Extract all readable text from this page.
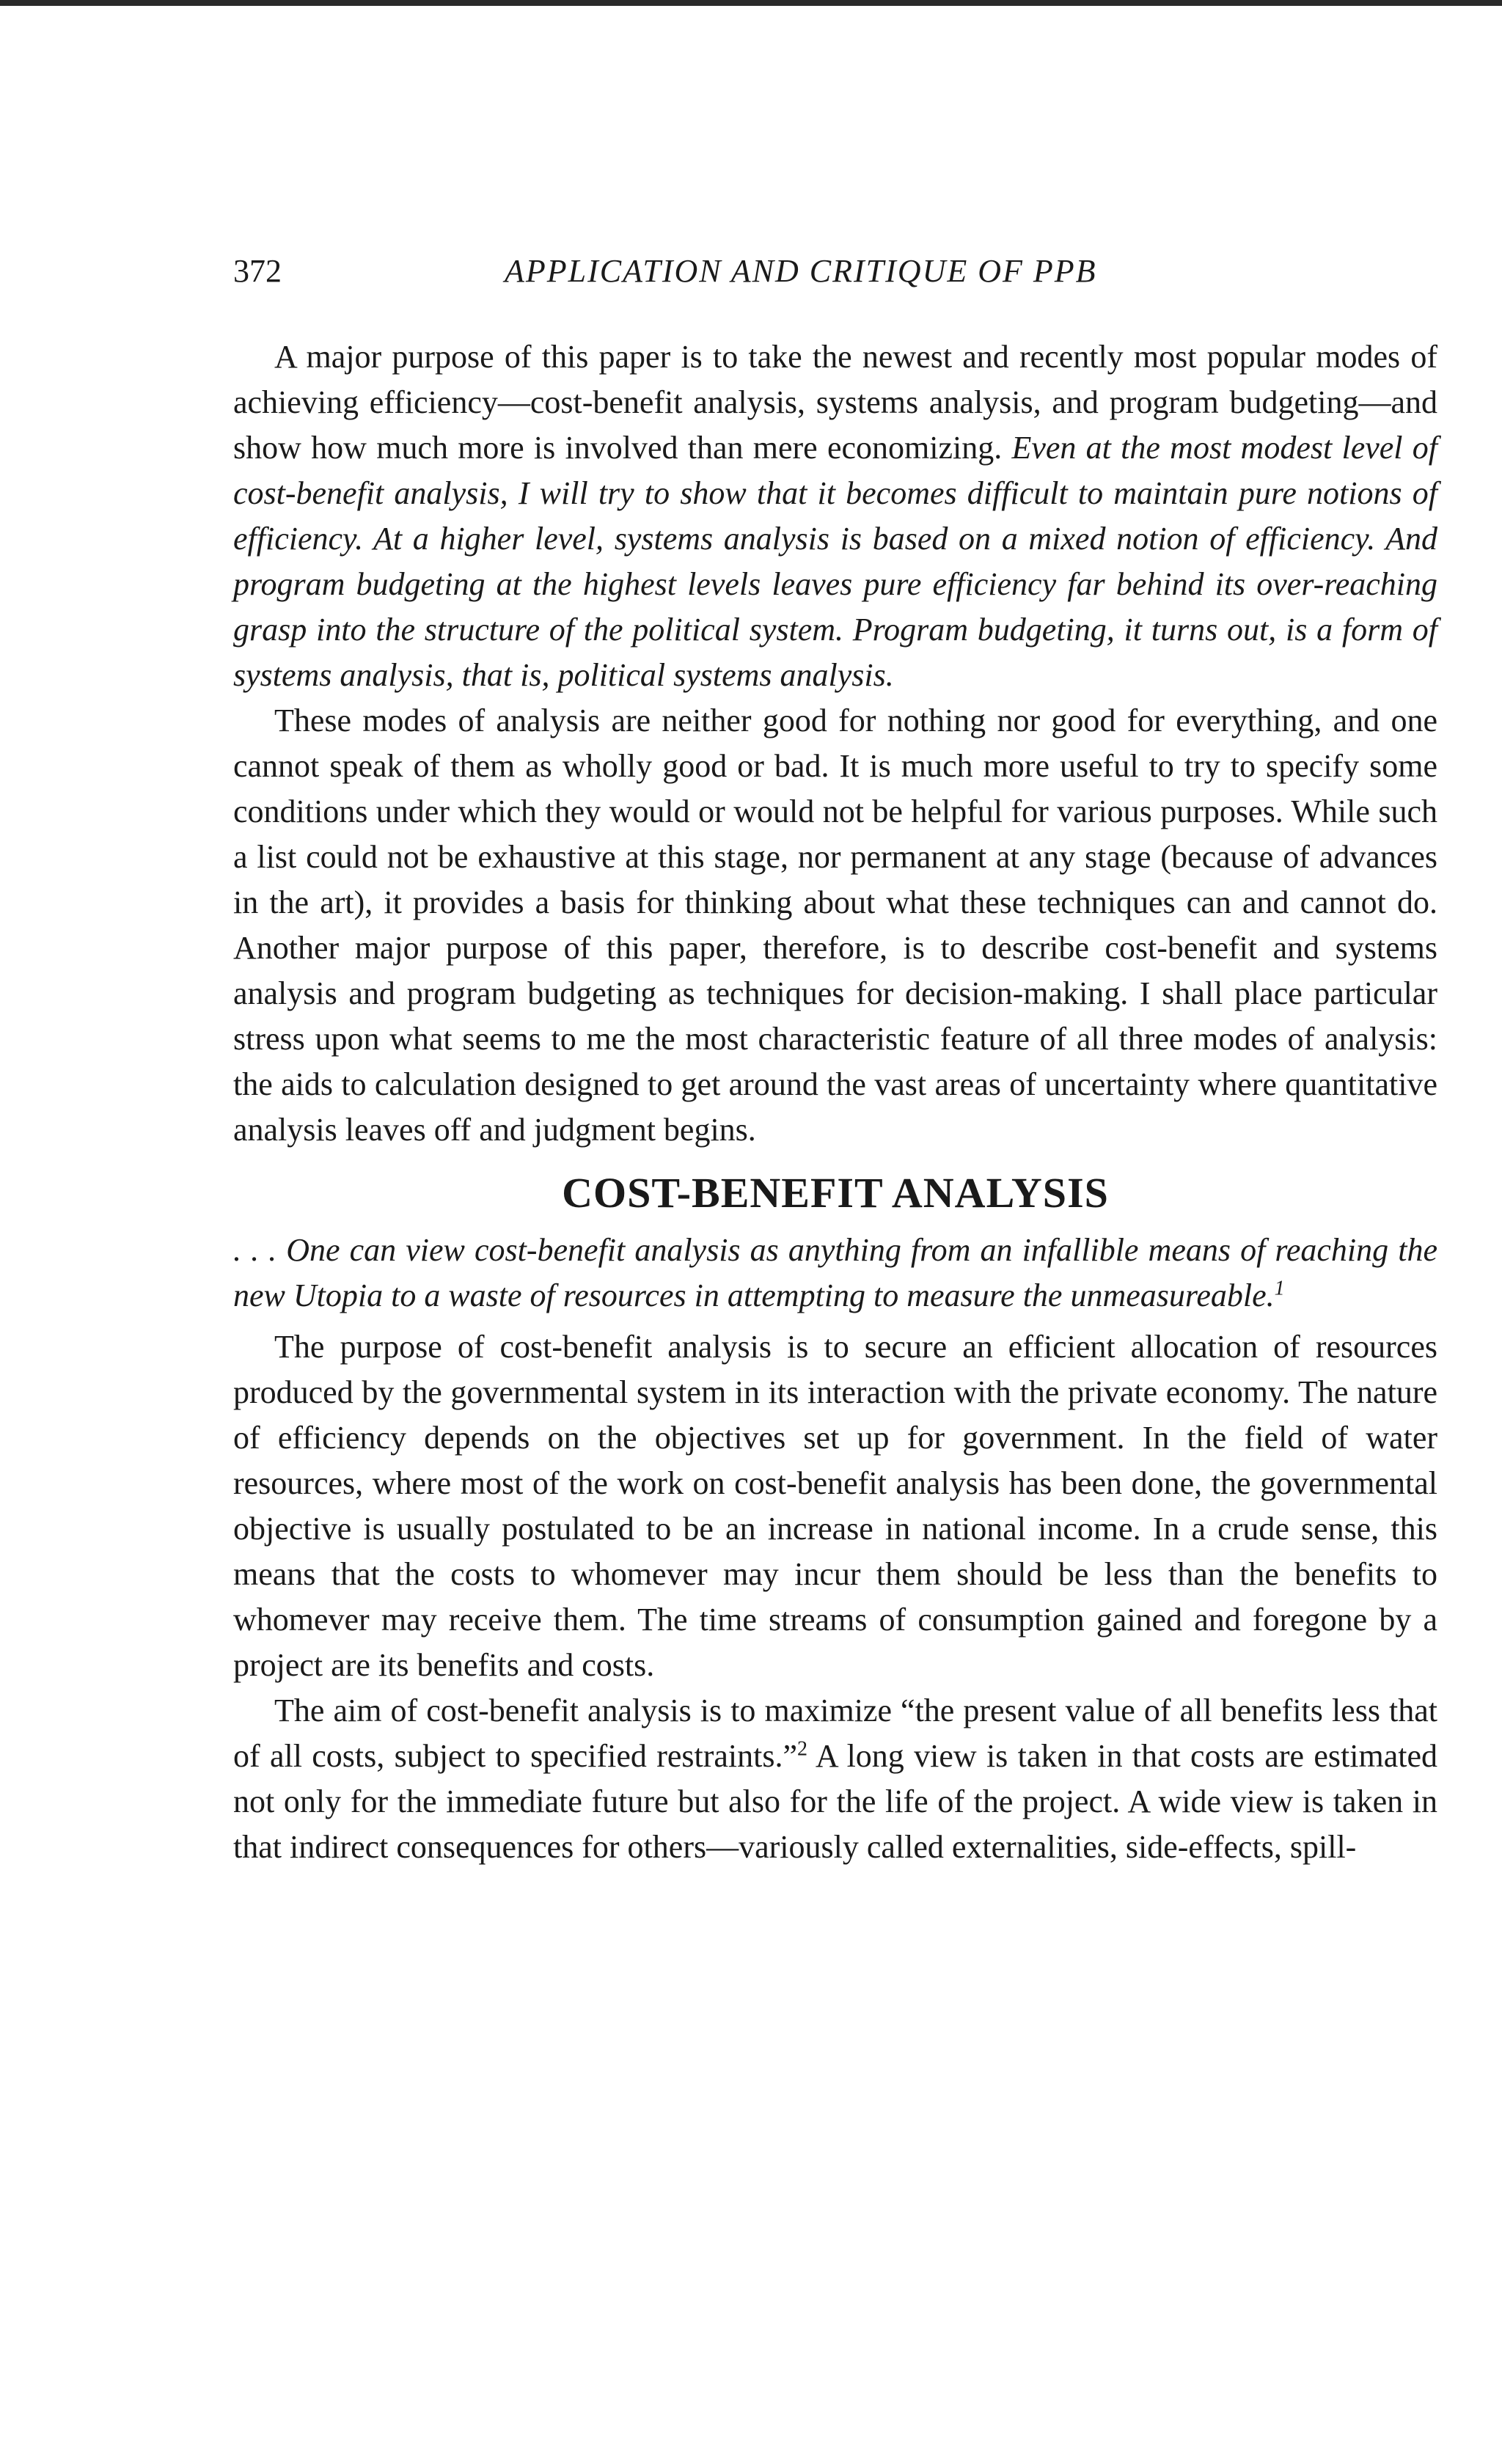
372	APPLICATION AND CRITIQUE OF PPB

A major purpose of this paper is to take the newest and recently most popular modes of achieving efficiency—cost-benefit analysis, systems analysis, and program budgeting—and show how much more is involved than mere economizing. Even at the most modest level of cost-benefit analysis, I will try to show that it becomes difficult to maintain pure notions of efficiency. At a higher level, systems analysis is based on a mixed notion of efficiency. And program budgeting at the highest levels leaves pure efficiency far behind its over-reaching grasp into the structure of the political system. Program budgeting, it turns out, is a form of systems analysis, that is, political systems analysis.

These modes of analysis are neither good for nothing nor good for everything, and one cannot speak of them as wholly good or bad. It is much more useful to try to specify some conditions under which they would or would not be helpful for various purposes. While such a list could not be exhaustive at this stage, nor permanent at any stage (because of advances in the art), it provides a basis for thinking about what these techniques can and cannot do. Another major purpose of this paper, therefore, is to describe cost-benefit and systems analysis and program budgeting as techniques for decision-making. I shall place particular stress upon what seems to me the most characteristic feature of all three modes of analysis: the aids to calculation designed to get around the vast areas of uncertainty where quantitative analysis leaves off and judgment begins.

COST-BENEFIT ANALYSIS

. . . One can view cost-benefit analysis as anything from an infallible means of reaching the new Utopia to a waste of resources in attempting to measure the unmeasureable.$^1$

The purpose of cost-benefit analysis is to secure an efficient allocation of resources produced by the governmental system in its interaction with the private economy. The nature of efficiency depends on the objectives set up for government. In the field of water resources, where most of the work on cost-benefit analysis has been done, the governmental objective is usually postulated to be an increase in national income. In a crude sense, this means that the costs to whomever may incur them should be less than the benefits to whomever may receive them. The time streams of consumption gained and foregone by a project are its benefits and costs.

The aim of cost-benefit analysis is to maximize “the present value of all benefits less that of all costs, subject to specified restraints.”$^2$ A long view is taken in that costs are estimated not only for the immediate future but also for the life of the project. A wide view is taken in that indirect consequences for others—variously called externalities, side-effects, spill-
